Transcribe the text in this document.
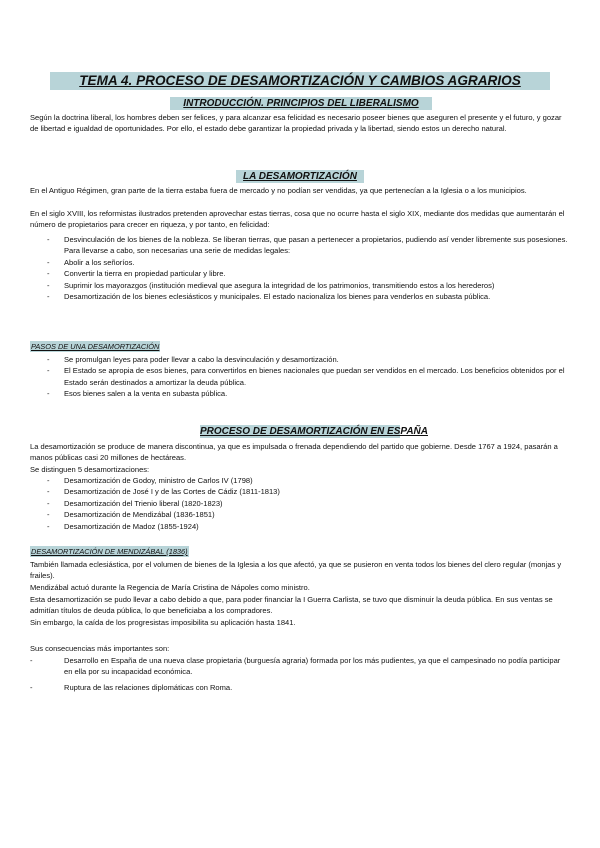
TEMA 4. PROCESO DE DESAMORTIZACIÓN Y CAMBIOS AGRARIOS
INTRODUCCIÓN. PRINCIPIOS DEL LIBERALISMO

Según la doctrina liberal, los hombres deben ser felices, y para alcanzar esa felicidad es necesario poseer bienes que aseguren el presente y el futuro, y gozar de libertad e igualdad de oportunidades. Por ello, el estado debe garantizar la propiedad privada y la libertad, siendo estos un derecho natural.

LA DESAMORTIZACIÓN

En el Antiguo Régimen, gran parte de la tierra estaba fuera de mercado y no podían ser vendidas, ya que pertenecían a la Iglesia o a los municipios.

En el siglo XVIII, los reformistas ilustrados pretenden aprovechar estas tierras, cosa que no ocurre hasta el siglo XIX, mediante dos medidas que aumentarán el número de propietarios para crecer en riqueza, y por tanto, en felicidad:

- Desvinculación de los bienes de la nobleza. Se liberan tierras, que pasan a pertenecer a propietarios, pudiendo así vender libremente sus posesiones. Para llevarse a cabo, son necesarias una serie de medidas legales:
- Abolir a los señoríos.
- Convertir la tierra en propiedad particular y libre.
- Suprimir los mayorazgos (institución medieval que asegura la integridad de los patrimonios, transmitiendo estos a los herederos)
- Desamortización de los bienes eclesiásticos y municipales. El estado nacionaliza los bienes para venderlos en subasta pública.
PASOS DE UNA DESAMORTIZACIÓN
- Se promulgan leyes para poder llevar a cabo la desvinculación y desamortización.
- El Estado se apropia de esos bienes, para convertirlos en bienes nacionales que puedan ser vendidos en el mercado. Los beneficios obtenidos por el Estado serán destinados a amortizar la deuda pública.
- Esos bienes salen a la venta en subasta pública.
PROCESO DE DESAMORTIZACIÓN EN ESPAÑA

La desamortización se produce de manera discontinua, ya que es impulsada o frenada dependiendo del partido que gobierne. Desde 1767 a 1924, pasarán a manos públicas casi 20 millones de hectáreas.

Se distinguen 5 desamortizaciones:

- Desamortización de Godoy, ministro de Carlos IV (1798)
- Desamortización de José I y de las Cortes de Cádiz (1811-1813)
- Desamortización del Trienio liberal (1820-1823)
- Desamortización de Mendizábal (1836-1851)
- Desamortización de Madoz (1855-1924)
DESAMORTIZACIÓN DE MENDIZÁBAL (1836)

También llamada eclesiástica, por el volumen de bienes de la Iglesia a los que afectó, ya que se pusieron en venta todos los bienes del clero regular (monjas y frailes).

Mendizábal actuó durante la Regencia de María Cristina de Nápoles como ministro.

Esta desamortización se pudo llevar a cabo debido a que, para poder financiar la I Guerra Carlista, se tuvo que disminuir la deuda pública. En sus ventas se admitían títulos de deuda pública, lo que beneficiaba a los compradores.

Sin embargo, la caída de los progresistas imposibilita su aplicación hasta 1841.

Sus consecuencias más importantes son:

-	Desarrollo en España de una nueva clase propietaria (burguesía agraria) formada por los más pudientes, ya que el campesinado no podía participar en ella por su incapacidad económica.
-	Ruptura de las relaciones diplomáticas con Roma.
